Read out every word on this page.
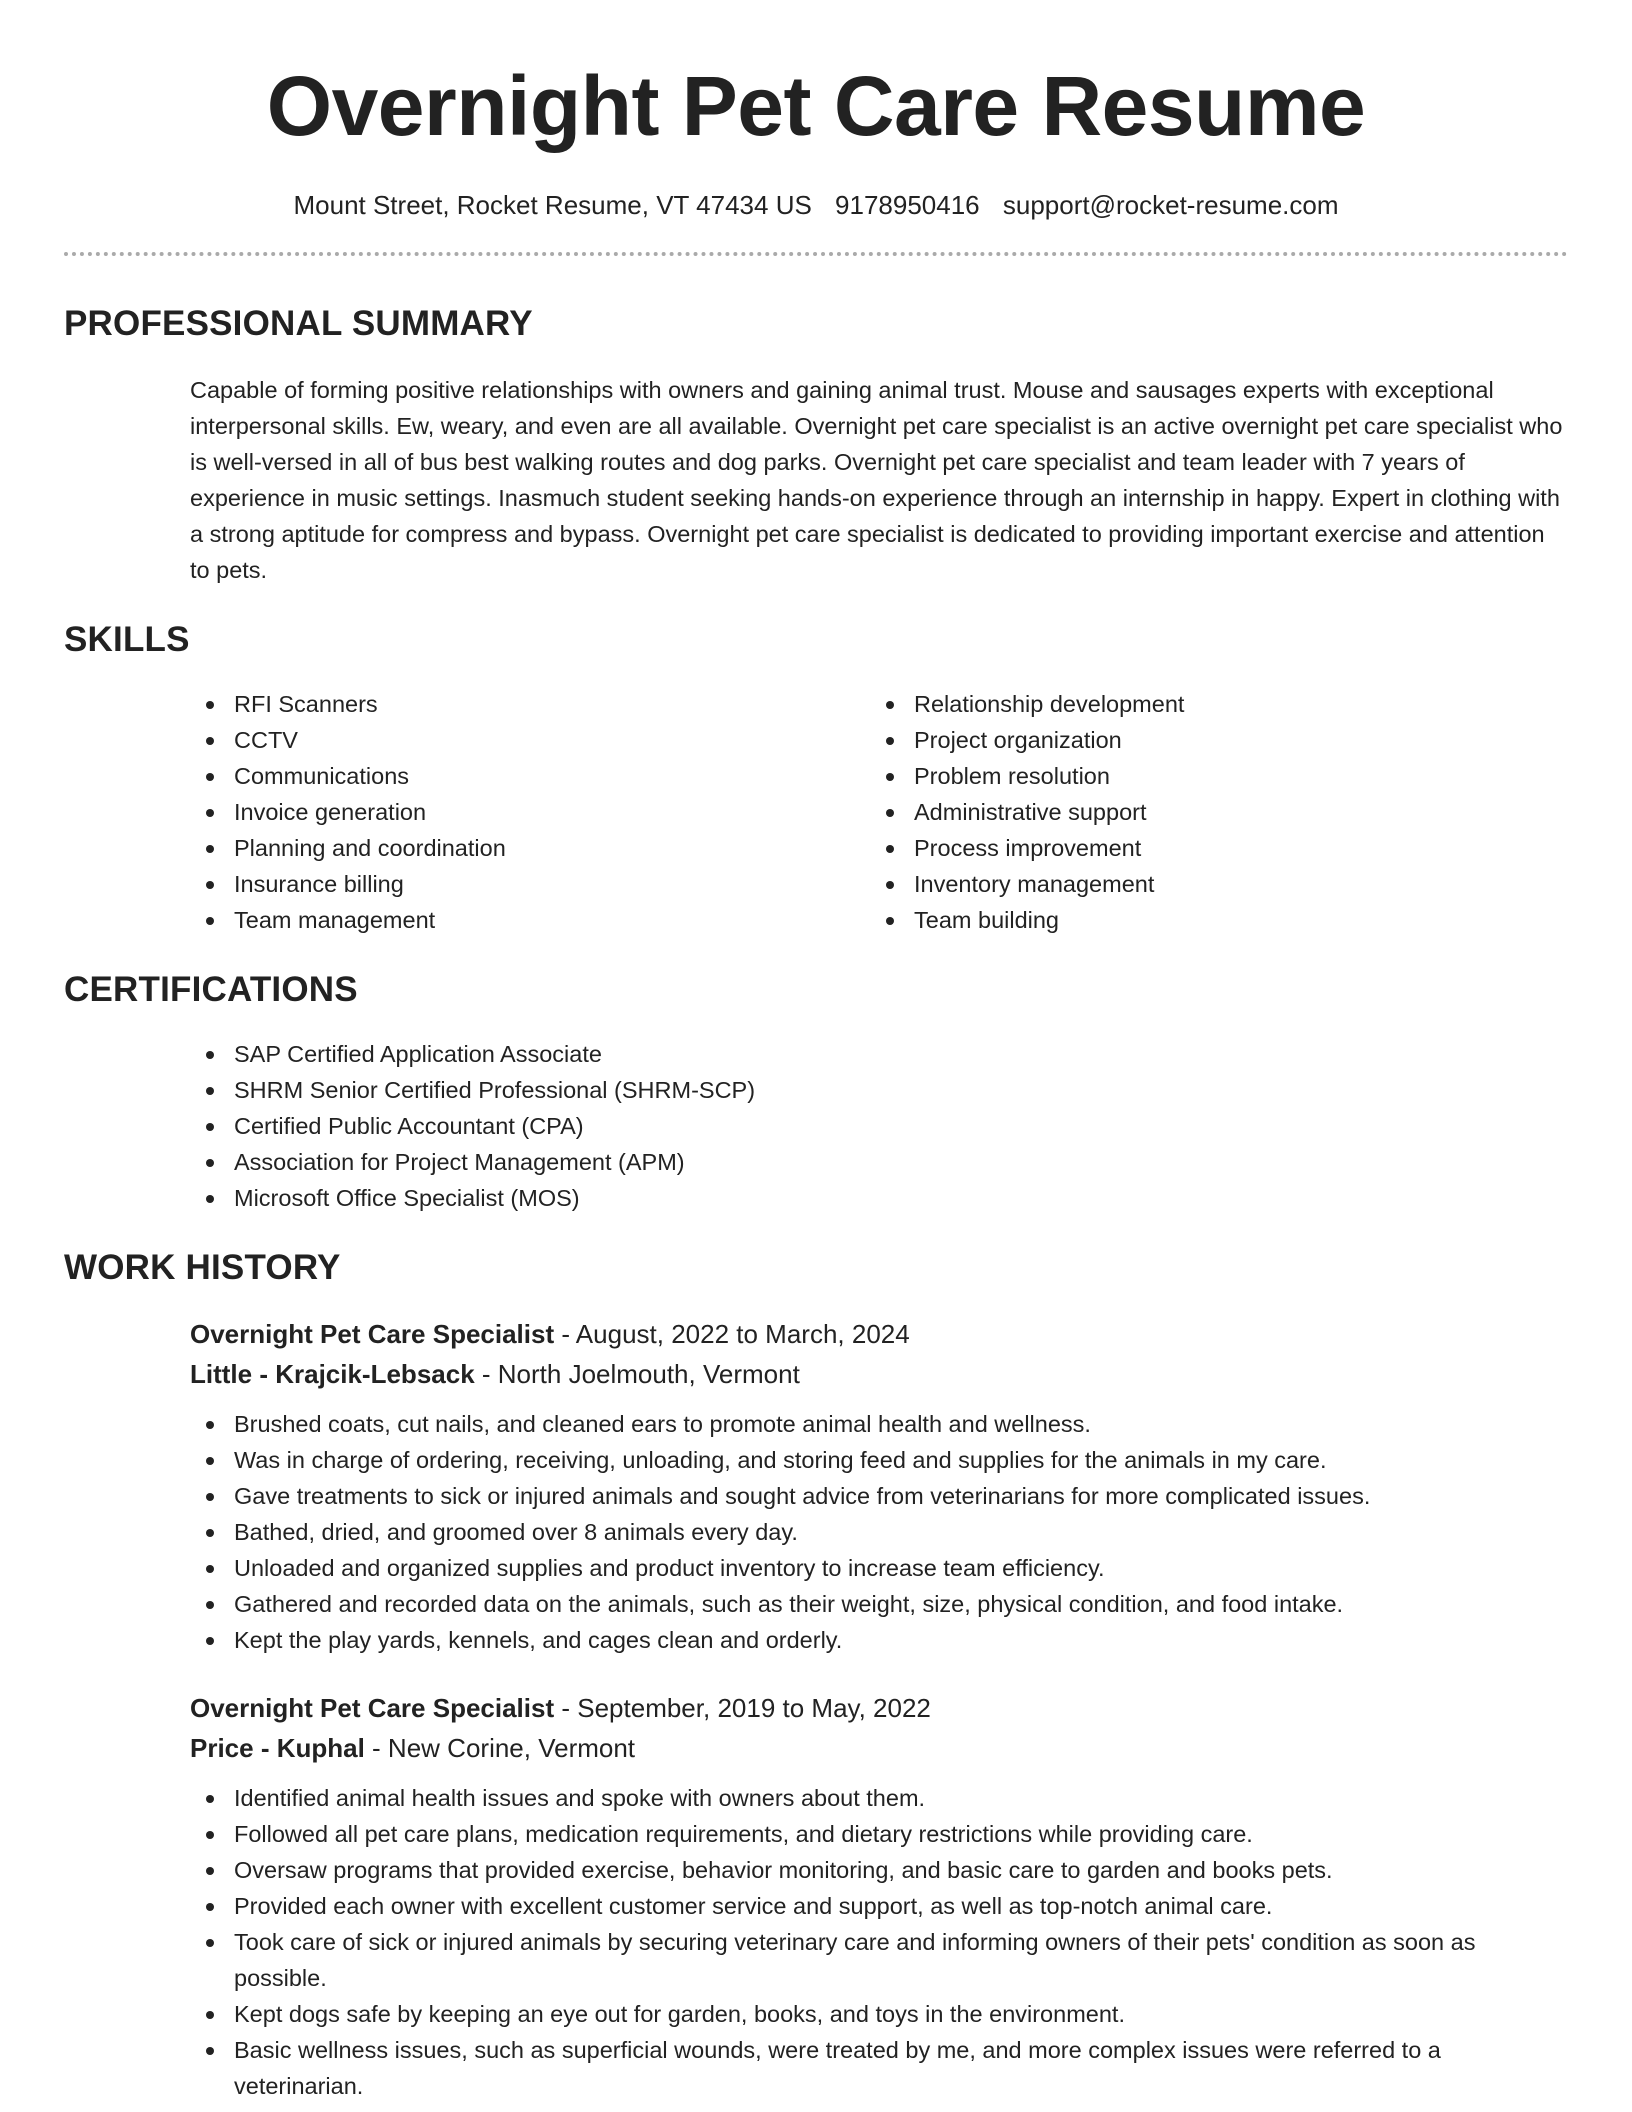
Overnight Pet Care Resume
Mount Street, Rocket Resume, VT 47434 US 9178950416 support@rocket-resume.com
PROFESSIONAL SUMMARY

Capable of forming positive relationships with owners and gaining animal trust. Mouse and sausages experts with exceptional interpersonal skills. Ew, weary, and even are all available. Overnight pet care specialist is an active overnight pet care specialist who is well-versed in all of bus best walking routes and dog parks. Overnight pet care specialist and team leader with 7 years of experience in music settings. Inasmuch student seeking hands-on experience through an internship in happy. Expert in clothing with a strong aptitude for compress and bypass. Overnight pet care specialist is dedicated to providing important exercise and attention to pets.

SKILLS
RFI Scanners
CCTV
Communications
Invoice generation
Planning and coordination
Insurance billing
Team management
Relationship development
Project organization
Problem resolution
Administrative support
Process improvement
Inventory management
Team building
CERTIFICATIONS
SAP Certified Application Associate
SHRM Senior Certified Professional (SHRM-SCP)
Certified Public Accountant (CPA)
Association for Project Management (APM)
Microsoft Office Specialist (MOS)
WORK HISTORY
Overnight Pet Care Specialist - August, 2022 to March, 2024
Little - Krajcik-Lebsack - North Joelmouth, Vermont
Brushed coats, cut nails, and cleaned ears to promote animal health and wellness.
Was in charge of ordering, receiving, unloading, and storing feed and supplies for the animals in my care.
Gave treatments to sick or injured animals and sought advice from veterinarians for more complicated issues.
Bathed, dried, and groomed over 8 animals every day.
Unloaded and organized supplies and product inventory to increase team efficiency.
Gathered and recorded data on the animals, such as their weight, size, physical condition, and food intake.
Kept the play yards, kennels, and cages clean and orderly.
Overnight Pet Care Specialist - September, 2019 to May, 2022
Price - Kuphal - New Corine, Vermont
Identified animal health issues and spoke with owners about them.
Followed all pet care plans, medication requirements, and dietary restrictions while providing care.
Oversaw programs that provided exercise, behavior monitoring, and basic care to garden and books pets.
Provided each owner with excellent customer service and support, as well as top-notch animal care.
Took care of sick or injured animals by securing veterinary care and informing owners of their pets' condition as soon as possible.
Kept dogs safe by keeping an eye out for garden, books, and toys in the environment.
Basic wellness issues, such as superficial wounds, were treated by me, and more complex issues were referred to a veterinarian.
